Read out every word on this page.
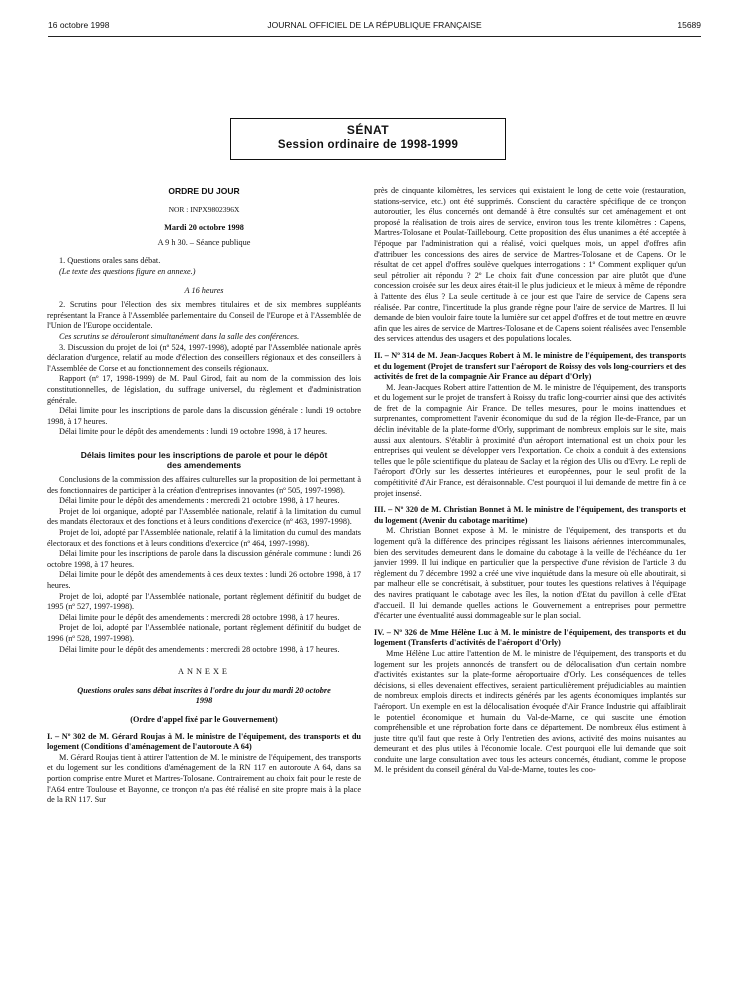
16 octobre 1998	JOURNAL OFFICIEL DE LA RÉPUBLIQUE FRANÇAISE	15689
SÉNAT
Session ordinaire de 1998-1999

ORDRE DU JOUR

NOR : INPX9802396X

Mardi 20 octobre 1998

A 9 h 30. – Séance publique

1. Questions orales sans débat.

(Le texte des questions figure en annexe.)

A 16 heures

2. Scrutins pour l'élection des six membres titulaires et de six membres suppléants représentant la France à l'Assemblée parlementaire du Conseil de l'Europe et à l'Assemblée de l'Union de l'Europe occidentale.

Ces scrutins se dérouleront simultanément dans la salle des conférences.

3. Discussion du projet de loi (nº 524, 1997-1998), adopté par l'Assemblée nationale après déclaration d'urgence, relatif au mode d'élection des conseillers régionaux et des conseillers à l'Assemblée de Corse et au fonctionnement des conseils régionaux.

Rapport (nº 17, 1998-1999) de M. Paul Girod, fait au nom de la commission des lois constitutionnelles, de législation, du suffrage universel, du règlement et d'administration générale.

Délai limite pour les inscriptions de parole dans la discussion générale : lundi 19 octobre 1998, à 17 heures.

Délai limite pour le dépôt des amendements : lundi 19 octobre 1998, à 17 heures.

Délais limites pour les inscriptions de parole et pour le dépôt des amendements

Conclusions de la commission des affaires culturelles sur la proposition de loi permettant à des fonctionnaires de participer à la création d'entreprises innovantes (nº 505, 1997-1998).

Délai limite pour le dépôt des amendements : mercredi 21 octobre 1998, à 17 heures.

Projet de loi organique, adopté par l'Assemblée nationale, relatif à la limitation du cumul des mandats électoraux et des fonctions et à leurs conditions d'exercice (nº 463, 1997-1998).

Projet de loi, adopté par l'Assemblée nationale, relatif à la limitation du cumul des mandats électoraux et des fonctions et à leurs conditions d'exercice (nº 464, 1997-1998).

Délai limite pour les inscriptions de parole dans la discussion générale commune : lundi 26 octobre 1998, à 17 heures.

Délai limite pour le dépôt des amendements à ces deux textes : lundi 26 octobre 1998, à 17 heures.

Projet de loi, adopté par l'Assemblée nationale, portant règlement définitif du budget de 1995 (nº 527, 1997-1998).

Délai limite pour le dépôt des amendements : mercredi 28 octobre 1998, à 17 heures.

Projet de loi, adopté par l'Assemblée nationale, portant règlement définitif du budget de 1996 (nº 528, 1997-1998).

Délai limite pour le dépôt des amendements : mercredi 28 octobre 1998, à 17 heures.

ANNEXE

Questions orales sans débat inscrites à l'ordre du jour du mardi 20 octobre 1998

(Ordre d'appel fixé par le Gouvernement)

I. – Nº 302 de M. Gérard Roujas à M. le ministre de l'équipement, des transports et du logement (Conditions d'aménagement de l'autoroute A 64)

M. Gérard Roujas tient à attirer l'attention de M. le ministre de l'équipement, des transports et du logement sur les conditions d'aménagement de la RN 117 en autoroute A 64, dans sa portion comprise entre Muret et Martres-Tolosane. Contrairement au choix fait pour le reste de l'A64 entre Toulouse et Bayonne, ce tronçon n'a pas été réalisé en site propre mais à la place de la RN 117. Sur

près de cinquante kilomètres, les services qui existaient le long de cette voie (restauration, stations-service, etc.) ont été supprimés. Conscient du caractère spécifique de ce tronçon autoroutier, les élus concernés ont demandé à être consultés sur cet aménagement et ont proposé la réalisation de trois aires de service, environ tous les trente kilomètres : Capens, Martres-Tolosane et Poulat-Taillebourg. Cette proposition des élus unanimes a été acceptée à l'époque par l'administration qui a réalisé, voici quelques mois, un appel d'offres afin d'attribuer les concessions des aires de service de Martres-Tolosane et de Capens. Or le résultat de cet appel d'offres soulève quelques interrogations : 1º Comment expliquer qu'un seul pétrolier ait répondu ? 2º Le choix fait d'une concession par aire plutôt que d'une concession croisée sur les deux aires était-il le plus judicieux et le mieux à même de répondre à l'attente des élus ? La seule certitude à ce jour est que l'aire de service de Capens sera réalisée. Par contre, l'incertitude la plus grande règne pour l'aire de service de Martres. Il lui demande de bien vouloir faire toute la lumière sur cet appel d'offres et de tout mettre en œuvre afin que les aires de service de Martres-Tolosane et de Capens soient réalisées avec l'ensemble des services attendus des usagers et des populations locales.

II. – Nº 314 de M. Jean-Jacques Robert à M. le ministre de l'équipement, des transports et du logement (Projet de transfert sur l'aéroport de Roissy des vols long-courriers et des activités de fret de la compagnie Air France au départ d'Orly)

M. Jean-Jacques Robert attire l'attention de M. le ministre de l'équipement, des transports et du logement sur le projet de transfert à Roissy du trafic long-courrier ainsi que des activités de fret de la compagnie Air France. De telles mesures, pour le moins inattendues et surprenantes, compromettent l'avenir économique du sud de la région Ile-de-France, par un déclin inévitable de la plate-forme d'Orly, supprimant de nombreux emplois sur le site, mais aussi aux alentours. S'établir à proximité d'un aéroport international est un choix pour les entreprises qui veulent se développer vers l'exportation. Ce choix a conduit à des extensions telles que le pôle scientifique du plateau de Saclay et la région des Ulis ou d'Evry. Le repli de l'aéroport d'Orly sur les dessertes intérieures et européennes, pour le seul profit de la compétitivité d'Air France, est déraisonnable. C'est pourquoi il lui demande de mettre fin à ce projet insensé.

III. – Nº 320 de M. Christian Bonnet à M. le ministre de l'équipement, des transports et du logement (Avenir du cabotage maritime)

M. Christian Bonnet expose à M. le ministre de l'équipement, des transports et du logement qu'à la différence des principes régissant les liaisons aériennes intercommunales, bien des servitudes demeurent dans le domaine du cabotage à la veille de l'échéance du 1er janvier 1999. Il lui indique en particulier que la perspective d'une révision de l'article 3 du règlement du 7 décembre 1992 a créé une vive inquiétude dans la mesure où elle aboutirait, si par malheur elle se concrétisait, à substituer, pour toutes les questions relatives à l'équipage des navires pratiquant le cabotage avec les îles, la notion d'Etat du pavillon à celle d'Etat d'accueil. Il lui demande quelles actions le Gouvernement a entreprises pour permettre d'écarter une éventualité aussi dommageable sur le plan social.

IV. – Nº 326 de Mme Hélène Luc à M. le ministre de l'équipement, des transports et du logement (Transferts d'activités de l'aéroport d'Orly)

Mme Hélène Luc attire l'attention de M. le ministre de l'équipement, des transports et du logement sur les projets annoncés de transfert ou de délocalisation d'un certain nombre d'activités existantes sur la plate-forme aéroportuaire d'Orly. Les conséquences de telles décisions, si elles devenaient effectives, seraient particulièrement préjudiciables au maintien de nombreux emplois directs et indirects générés par les agents économiques implantés sur l'aéroport. Un exemple en est la délocalisation évoquée d'Air France Industrie qui affaiblirait le potentiel économique et humain du Val-de-Marne, ce qui suscite une émotion compréhensible et une réprobation forte dans ce département. De nombreux élus estiment à juste titre qu'il faut que reste à Orly l'entretien des avions, activité des moins nuisantes au demeurant et des plus utiles à l'économie locale. C'est pourquoi elle lui demande que soit conduite une large consultation avec tous les acteurs concernés, étudiant, comme le propose M. le président du conseil général du Val-de-Marne, toutes les coo-
